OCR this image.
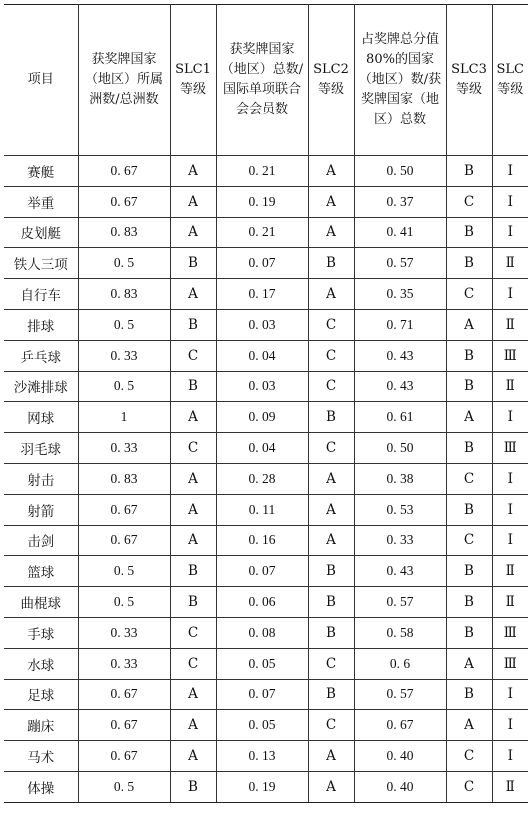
项目	获奖牌国家（地区）所属洲数/总洲数	SLC1等级	获奖牌国家（地区）总数/国际单项联合会会员数	SLC2等级	占奖牌总分值80%的国家（地区）数/获奖牌国家（地区）总数	SLC3等级	SLC等级
赛艇	0. 67	A	0. 21	A	0. 50	B	Ⅰ
举重	0. 67	A	0. 19	A	0. 37	C	Ⅰ
皮划艇	0. 83	A	0. 21	A	0. 41	B	Ⅰ
铁人三项	0. 5	B	0. 07	B	0. 57	B	Ⅱ
自行车	0. 83	A	0. 17	A	0. 35	C	Ⅰ
排球	0. 5	B	0. 03	C	0. 71	A	Ⅱ
乒乓球	0. 33	C	0. 04	C	0. 43	B	Ⅲ
沙滩排球	0. 5	B	0. 03	C	0. 43	B	Ⅱ
网球	1	A	0. 09	B	0. 61	A	Ⅰ
羽毛球	0. 33	C	0. 04	C	0. 50	B	Ⅲ
射击	0. 83	A	0. 28	A	0. 38	C	Ⅰ
射箭	0. 67	A	0. 11	A	0. 53	B	Ⅰ
击剑	0. 67	A	0. 16	A	0. 33	C	Ⅰ
篮球	0. 5	B	0. 07	B	0. 43	B	Ⅱ
曲棍球	0. 5	B	0. 06	B	0. 57	B	Ⅱ
手球	0. 33	C	0. 08	B	0. 58	B	Ⅲ
水球	0. 33	C	0. 05	C	0. 6	A	Ⅲ
足球	0. 67	A	0. 07	B	0. 57	B	Ⅰ
蹦床	0. 67	A	0. 05	C	0. 67	A	Ⅰ
马术	0. 67	A	0. 13	A	0. 40	C	Ⅰ
体操	0. 5	B	0. 19	A	0. 40	C	Ⅱ
